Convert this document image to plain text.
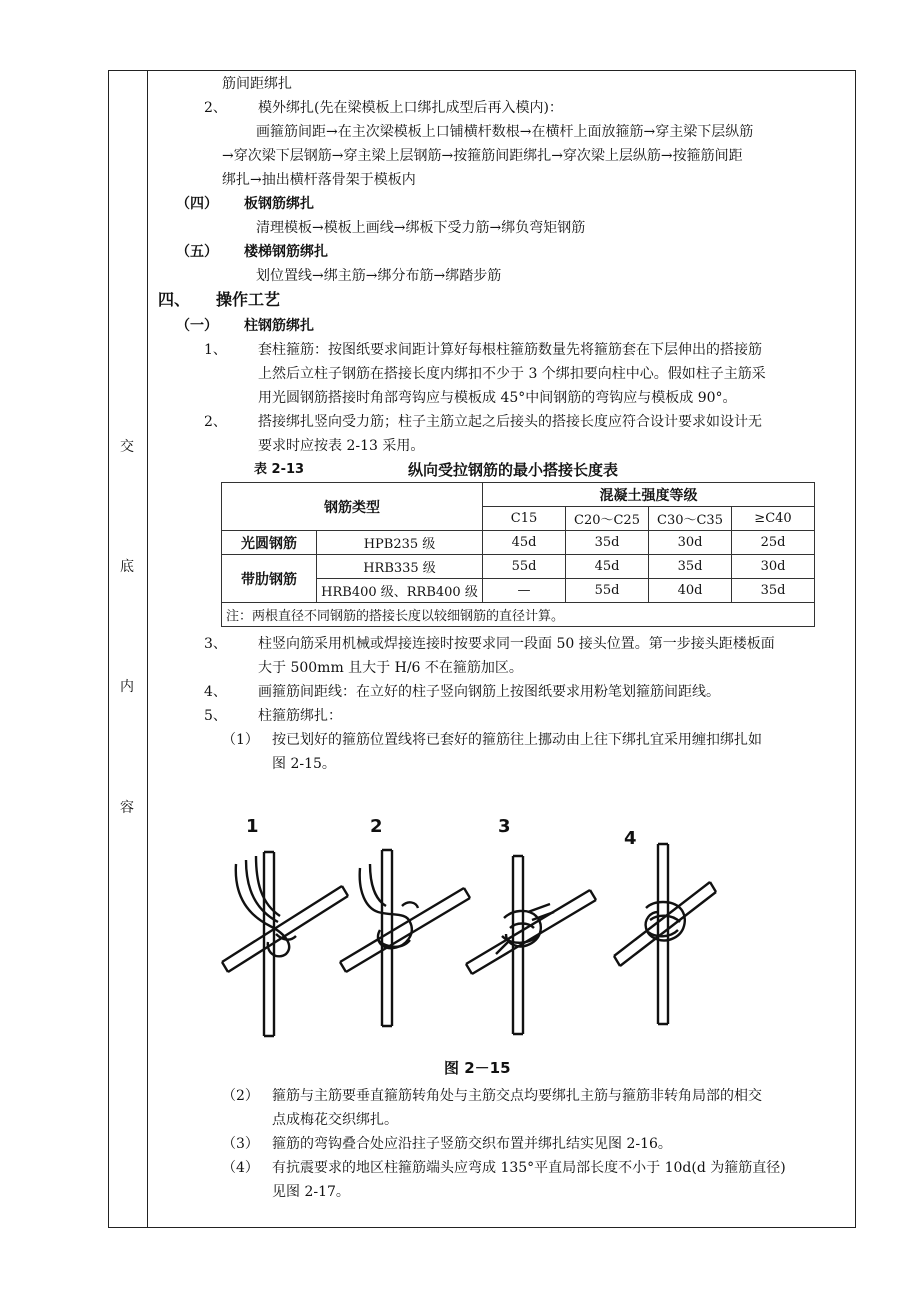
交
底
内
容
筋间距绑扎
2、 模外绑扎(先在梁模板上口绑扎成型后再入模内)：
画箍筋间距→在主次梁模板上口铺横杆数根→在横杆上面放箍筋→穿主梁下层纵筋
→穿次梁下层钢筋→穿主梁上层钢筋→按箍筋间距绑扎→穿次梁上层纵筋→按箍筋间距
绑扎→抽出横杆落骨架于模板内
（四） 板钢筋绑扎
清理模板→模板上画线→绑板下受力筋→绑负弯矩钢筋
（五） 楼梯钢筋绑扎
划位置线→绑主筋→绑分布筋→绑踏步筋
四、 操作工艺
（一） 柱钢筋绑扎
1、 套柱箍筋：按图纸要求间距计算好每根柱箍筋数量先将箍筋套在下层伸出的搭接筋
上然后立柱子钢筋在搭接长度内绑扣不少于 3 个绑扣要向柱中心。假如柱子主筋采
用光圆钢筋搭接时角部弯钩应与模板成 45°中间钢筋的弯钩应与模板成 90°。
2、 搭接绑扎竖向受力筋；柱子主筋立起之后接头的搭接长度应符合设计要求如设计无
要求时应按表 2-13 采用。
表 2-13	纵向受拉钢筋的最小搭接长度表
钢筋类型		混凝土强度等级			
		C15	C20～C25	C30～C35	≥C40
光圆钢筋	HPB235 级	45d	35d	30d	25d
带肋钢筋	HRB335 级	55d	45d	35d	30d
	HRB400 级、RRB400 级	—	55d	40d	35d
注：两根直径不同钢筋的搭接长度以较细钢筋的直径计算。					
3、 柱竖向筋采用机械或焊接连接时按要求同一段面 50 接头位置。第一步接头距楼板面
大于 500mm 且大于 H/6 不在箍筋加区。
4、 画箍筋间距线：在立好的柱子竖向钢筋上按图纸要求用粉笔划箍筋间距线。
5、 柱箍筋绑扎：
（1） 按已划好的箍筋位置线将已套好的箍筋往上挪动由上往下绑扎宜采用缠扣绑扎如
图 2-15。
1	2	3
4
图 2－15
（2） 箍筋与主筋要垂直箍筋转角处与主筋交点均要绑扎主筋与箍筋非转角局部的相交
点成梅花交织绑扎。
（3） 箍筋的弯钩叠合处应沿拄子竖筋交织布置并绑扎结实见图 2-16。
（4） 有抗震要求的地区柱箍筋端头应弯成 135°平直局部长度不小于 10d(d 为箍筋直径)
见图 2-17。
